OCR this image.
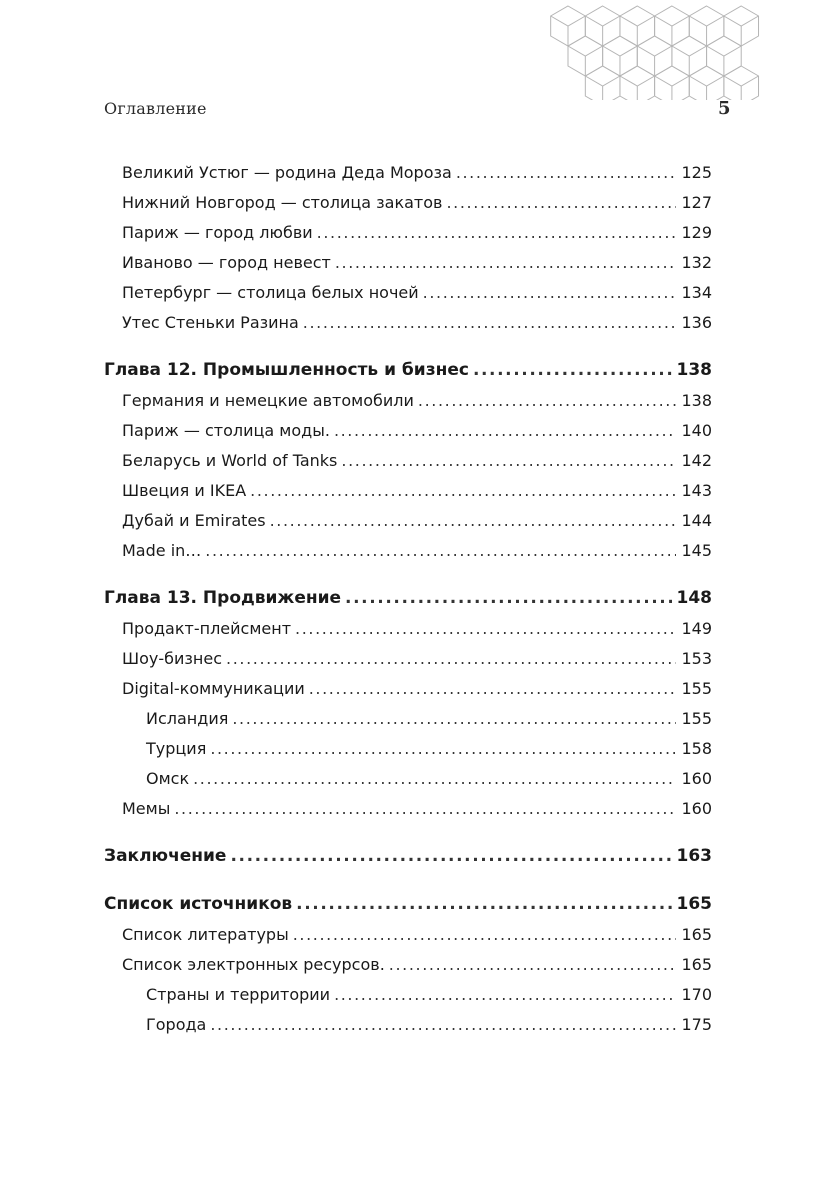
Оглавление	5
Великий Устюг — родина Деда Мороза .....	125
Нижний Новгород — столица закатов .....	127
Париж — город любви .....	129
Иваново — город невест .....	132
Петербург — столица белых ночей .....	134
Утес Стеньки Разина .....	136
Глава 12. Промышленность и бизнес .....	138
Германия и немецкие автомобили .....	138
Париж — столица моды. .....	140
Беларусь и World of Tanks .....	142
Швеция и IKEA .....	143
Дубай и Emirates .....	144
Made in… .....	145
Глава 13. Продвижение .....	148
Продакт-плейсмент .....	149
Шоу-бизнес .....	153
Digital-коммуникации .....	155
Исландия .....	155
Турция .....	158
Омск .....	160
Мемы .....	160
Заключение .....	163
Список источников .....	165
Список литературы .....	165
Список электронных ресурсов. .....	165
Страны и территории .....	170
Города .....	175
